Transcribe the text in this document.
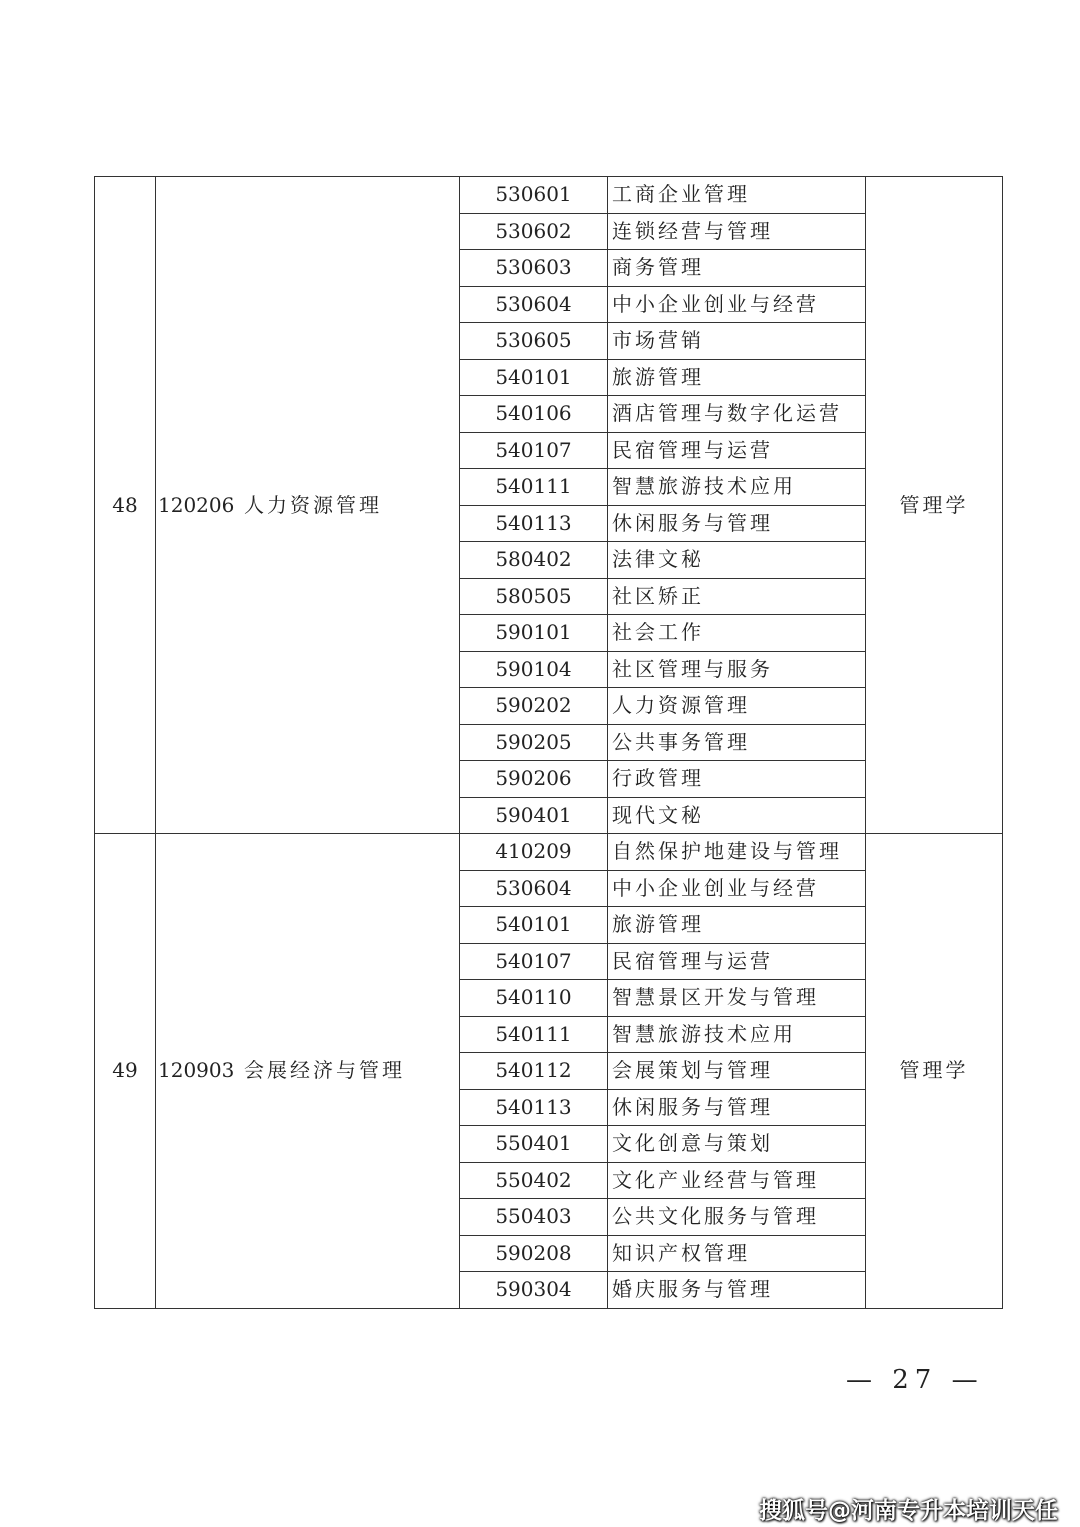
48	120206 人力资源管理	530601	工商企业管理	管理学
		530602	连锁经营与管理	
		530603	商务管理	
		530604	中小企业创业与经营	
		530605	市场营销	
		540101	旅游管理	
		540106	酒店管理与数字化运营	
		540107	民宿管理与运营	
		540111	智慧旅游技术应用	
		540113	休闲服务与管理	
		580402	法律文秘	
		580505	社区矫正	
		590101	社会工作	
		590104	社区管理与服务	
		590202	人力资源管理	
		590205	公共事务管理	
		590206	行政管理	
		590401	现代文秘	
49	120903 会展经济与管理	410209	自然保护地建设与管理	管理学
		530604	中小企业创业与经营	
		540101	旅游管理	
		540107	民宿管理与运营	
		540110	智慧景区开发与管理	
		540111	智慧旅游技术应用	
		540112	会展策划与管理	
		540113	休闲服务与管理	
		550401	文化创意与策划	
		550402	文化产业经营与管理	
		550403	公共文化服务与管理	
		590208	知识产权管理	
		590304	婚庆服务与管理	
— 27 —
搜狐号@河南专升本培训天任
